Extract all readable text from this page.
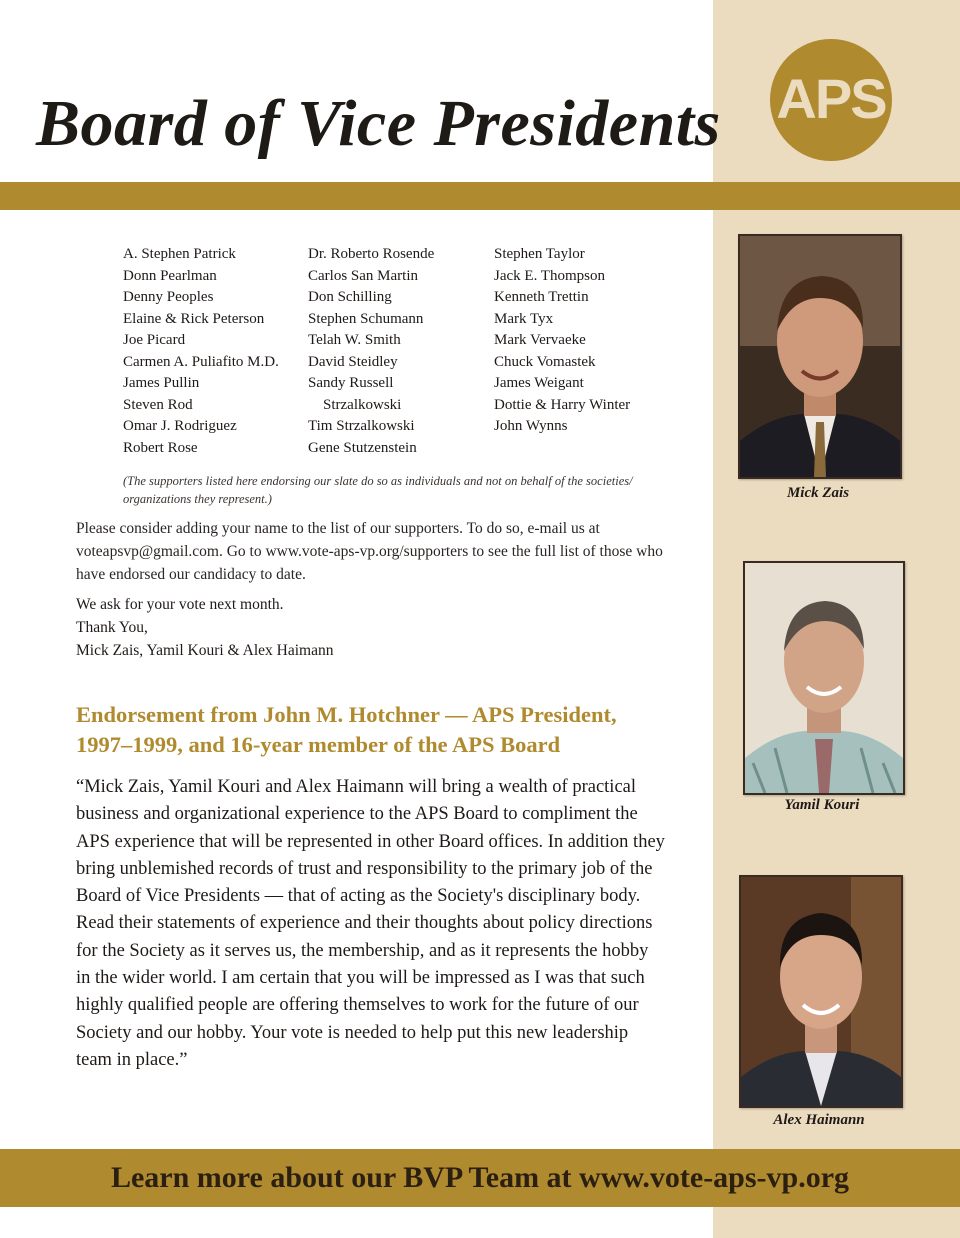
Board of Vice Presidents APS
A. Stephen Patrick
Donn Pearlman
Denny Peoples
Elaine & Rick Peterson
Joe Picard
Carmen A. Puliafito M.D.
James Pullin
Steven Rod
Omar J. Rodriguez
Robert Rose
Dr. Roberto Rosende
Carlos San Martin
Don Schilling
Stephen Schumann
Telah W. Smith
David Steidley
Sandy Russell
Strzalkowski
Tim Strzalkowski
Gene Stutzenstein
Stephen Taylor
Jack E. Thompson
Kenneth Trettin
Mark Tyx
Mark Vervaeke
Chuck Vomastek
James Weigant
Dottie & Harry Winter
John Wynns
(The supporters listed here endorsing our slate do so as individuals and not on behalf of the societies/ organizations they represent.)
Please consider adding your name to the list of our supporters. To do so, e-mail us at voteapsvp@gmail.com. Go to www.vote-aps-vp.org/supporters to see the full list of those who have endorsed our candidacy to date.
We ask for your vote next month.
Thank You,
Mick Zais, Yamil Kouri & Alex Haimann
Endorsement from John M. Hotchner — APS President, 1997–1999, and 16-year member of the APS Board
“Mick Zais, Yamil Kouri and Alex Haimann will bring a wealth of practical business and organizational experience to the APS Board to compliment the APS experience that will be represented in other Board offices. In addition they bring unblemished records of trust and responsibility to the primary job of the Board of Vice Presidents — that of acting as the Society's disciplinary body. Read their statements of experience and their thoughts about policy directions for the Society as it serves us, the membership, and as it represents the hobby in the wider world. I am certain that you will be impressed as I was that such highly qualified people are offering themselves to work for the future of our Society and our hobby. Your vote is needed to help put this new leadership team in place.”
Mick Zais
Yamil Kouri
Alex Haimann
Learn more about our BVP Team at www.vote-aps-vp.org
